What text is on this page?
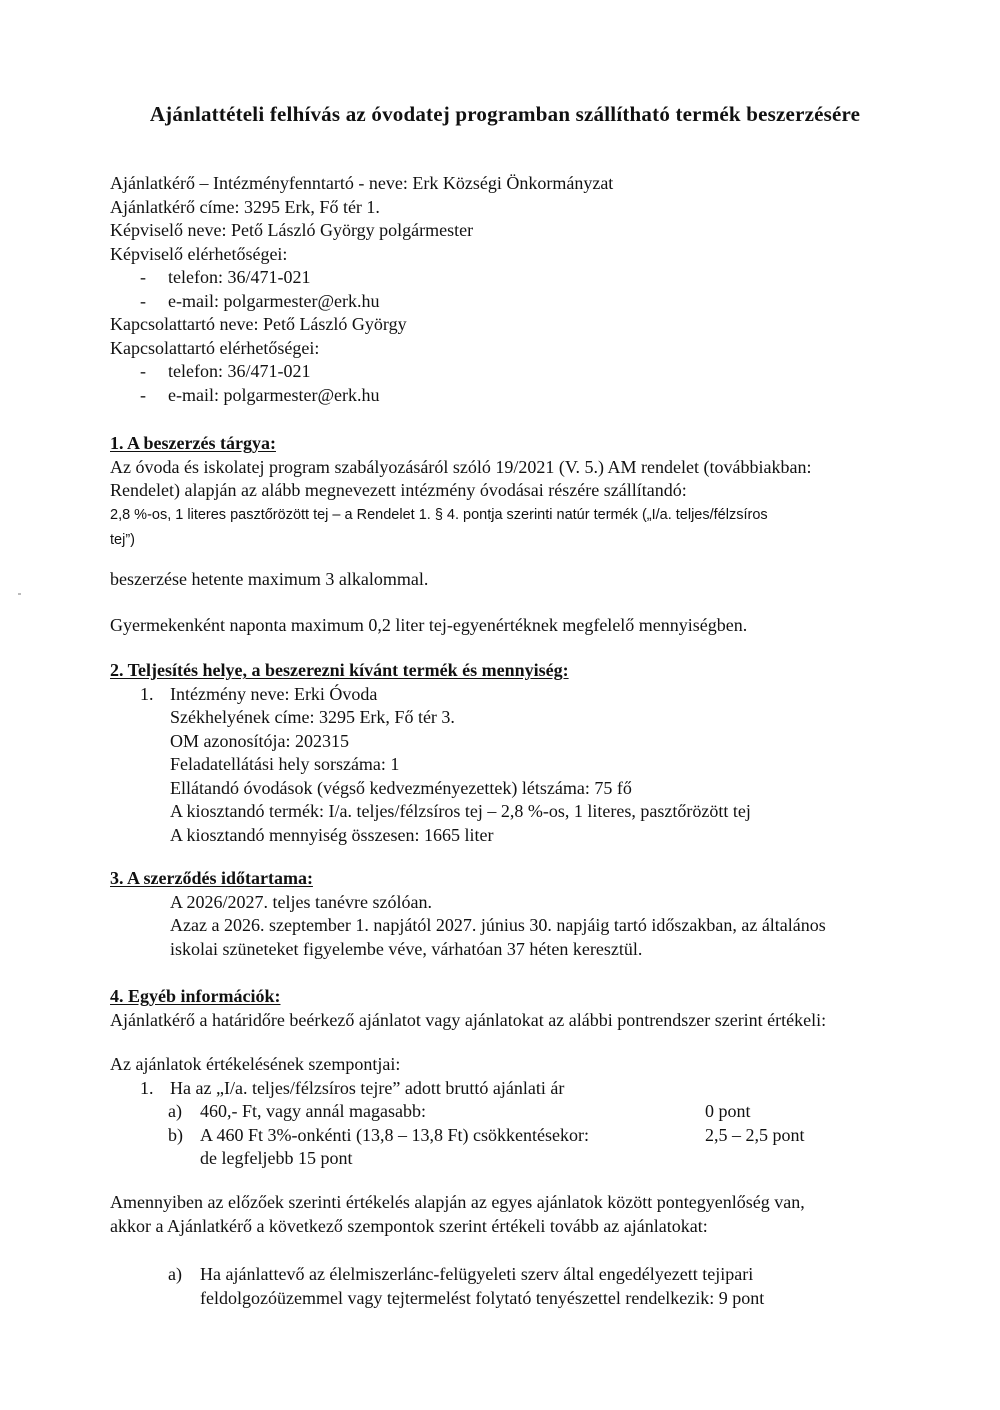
Ajánlattételi felhívás az óvodatej programban szállítható termék beszerzésére
Ajánlatkérő – Intézményfenntartó - neve: Erk Községi Önkormányzat
Ajánlatkérő címe: 3295 Erk, Fő tér 1.
Képviselő neve: Pető László György polgármester
Képviselő elérhetőségei:
- telefon: 36/471-021
- e-mail: polgarmester@erk.hu
Kapcsolattartó neve: Pető László György
Kapcsolattartó elérhetőségei:
- telefon: 36/471-021
- e-mail: polgarmester@erk.hu
1. A beszerzés tárgya:
Az óvoda és iskolatej program szabályozásáról szóló 19/2021 (V. 5.) AM rendelet (továbbiakban:
Rendelet) alapján az alább megnevezett intézmény óvodásai részére szállítandó:
2,8 %-os, 1 literes pasztőrözött tej – a Rendelet 1. § 4. pontja szerinti natúr termék („I/a. teljes/félzsíros
tej”)
beszerzése hetente maximum 3 alkalommal.
Gyermekenként naponta maximum 0,2 liter tej-egyenértéknek megfelelő mennyiségben.
2. Teljesítés helye, a beszerezni kívánt termék és mennyiség:
1. Intézmény neve: Erki Óvoda
Székhelyének címe: 3295 Erk, Fő tér 3.
OM azonosítója: 202315
Feladatellátási hely sorszáma: 1
Ellátandó óvodások (végső kedvezményezettek) létszáma: 75 fő
A kiosztandó termék: I/a. teljes/félzsíros tej – 2,8 %-os, 1 literes, pasztőrözött tej
A kiosztandó mennyiség összesen: 1665 liter
3. A szerződés időtartama:
A 2026/2027. teljes tanévre szólóan.
Azaz a 2026. szeptember 1. napjától 2027. június 30. napjáig tartó időszakban, az általános
iskolai szüneteket figyelembe véve, várhatóan 37 héten keresztül.
4. Egyéb információk:
Ajánlatkérő a határidőre beérkező ajánlatot vagy ajánlatokat az alábbi pontrendszer szerint értékeli:
Az ajánlatok értékelésének szempontjai:
1. Ha az „I/a. teljes/félzsíros tejre” adott bruttó ajánlati ár
a) 460,- Ft, vagy annál magasabb:	0 pont
b) A 460 Ft 3%-onkénti (13,8 – 13,8 Ft) csökkentésekor:	2,5 – 2,5 pont
de legfeljebb 15 pont
Amennyiben az előzőek szerinti értékelés alapján az egyes ajánlatok között pontegyenlőség van,
akkor a Ajánlatkérő a következő szempontok szerint értékeli tovább az ajánlatokat:
a) Ha ajánlattevő az élelmiszerlánc-felügyeleti szerv által engedélyezett tejipari
feldolgozóüzemmel vagy tejtermelést folytató tenyészettel rendelkezik: 9 pont
